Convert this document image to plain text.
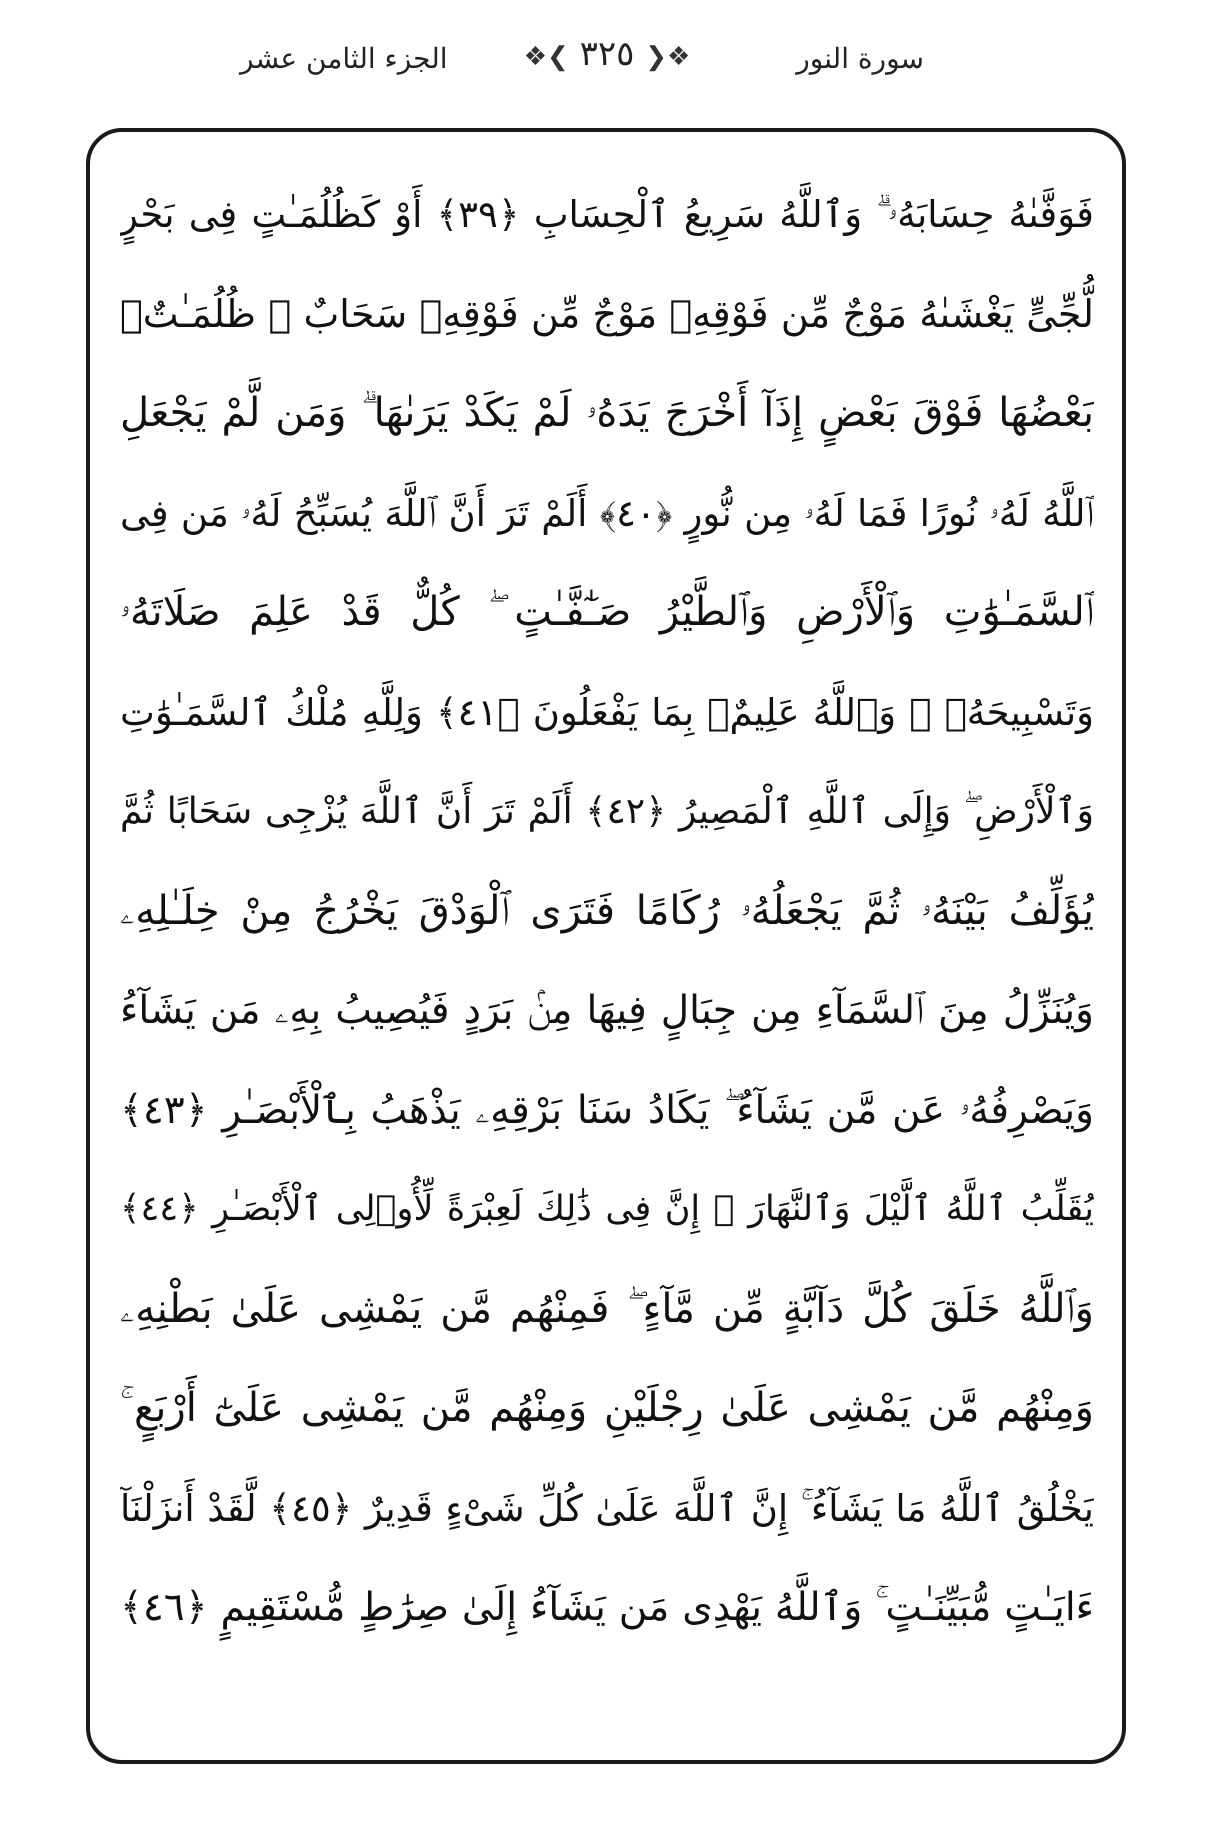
الجزء الثامن عشر	❖❮ ٣٢٥ ❯❖	سورة النور
فَوَفَّىٰهُ حِسَابَهُۥ ۗ وَٱللَّهُ سَرِيعُ ٱلْحِسَابِ ﴿٣٩﴾ أَوْ كَظُلُمَـٰتٍ فِى بَحْرٍ
لُّجِّىٍّ يَغْشَىٰهُ مَوْجٌ مِّن فَوْقِهِۦ مَوْجٌ مِّن فَوْقِهِۦ سَحَابٌ ۚ ظُلُمَـٰتٌۢ
بَعْضُهَا فَوْقَ بَعْضٍ إِذَآ أَخْرَجَ يَدَهُۥ لَمْ يَكَدْ يَرَىٰهَا ۗ وَمَن لَّمْ يَجْعَلِ
ٱللَّهُ لَهُۥ نُورًا فَمَا لَهُۥ مِن نُّورٍ ﴿٤٠﴾ أَلَمْ تَرَ أَنَّ ٱللَّهَ يُسَبِّحُ لَهُۥ مَن فِى
ٱلسَّمَـٰوَٰتِ وَٱلْأَرْضِ وَٱلطَّيْرُ صَـٰٓفَّـٰتٍ ۖ كُلٌّ قَدْ عَلِمَ صَلَاتَهُۥ
وَتَسْبِيحَهُۥ ۗ وَٱللَّهُ عَلِيمٌۢ بِمَا يَفْعَلُونَ ﴿٤١﴾ وَلِلَّهِ مُلْكُ ٱلسَّمَـٰوَٰتِ
وَٱلْأَرْضِ ۖ وَإِلَى ٱللَّهِ ٱلْمَصِيرُ ﴿٤٢﴾ أَلَمْ تَرَ أَنَّ ٱللَّهَ يُزْجِى سَحَابًا ثُمَّ
يُؤَلِّفُ بَيْنَهُۥ ثُمَّ يَجْعَلُهُۥ رُكَامًا فَتَرَى ٱلْوَدْقَ يَخْرُجُ مِنْ خِلَـٰلِهِۦ
وَيُنَزِّلُ مِنَ ٱلسَّمَآءِ مِن جِبَالٍ فِيهَا مِنۢ بَرَدٍ فَيُصِيبُ بِهِۦ مَن يَشَآءُ
وَيَصْرِفُهُۥ عَن مَّن يَشَآءُ ۖ يَكَادُ سَنَا بَرْقِهِۦ يَذْهَبُ بِٱلْأَبْصَـٰرِ ﴿٤٣﴾
يُقَلِّبُ ٱللَّهُ ٱلَّيْلَ وَٱلنَّهَارَ ۚ إِنَّ فِى ذَٰلِكَ لَعِبْرَةً لِّأُو۟لِى ٱلْأَبْصَـٰرِ ﴿٤٤﴾
وَٱللَّهُ خَلَقَ كُلَّ دَآبَّةٍ مِّن مَّآءٍ ۖ فَمِنْهُم مَّن يَمْشِى عَلَىٰ بَطْنِهِۦ
وَمِنْهُم مَّن يَمْشِى عَلَىٰ رِجْلَيْنِ وَمِنْهُم مَّن يَمْشِى عَلَىٰٓ أَرْبَعٍ ۚ
يَخْلُقُ ٱللَّهُ مَا يَشَآءُ ۚ إِنَّ ٱللَّهَ عَلَىٰ كُلِّ شَىْءٍ قَدِيرٌ ﴿٤٥﴾ لَّقَدْ أَنزَلْنَآ
ءَايَـٰتٍ مُّبَيِّنَـٰتٍ ۚ وَٱللَّهُ يَهْدِى مَن يَشَآءُ إِلَىٰ صِرَٰطٍ مُّسْتَقِيمٍ ﴿٤٦﴾
